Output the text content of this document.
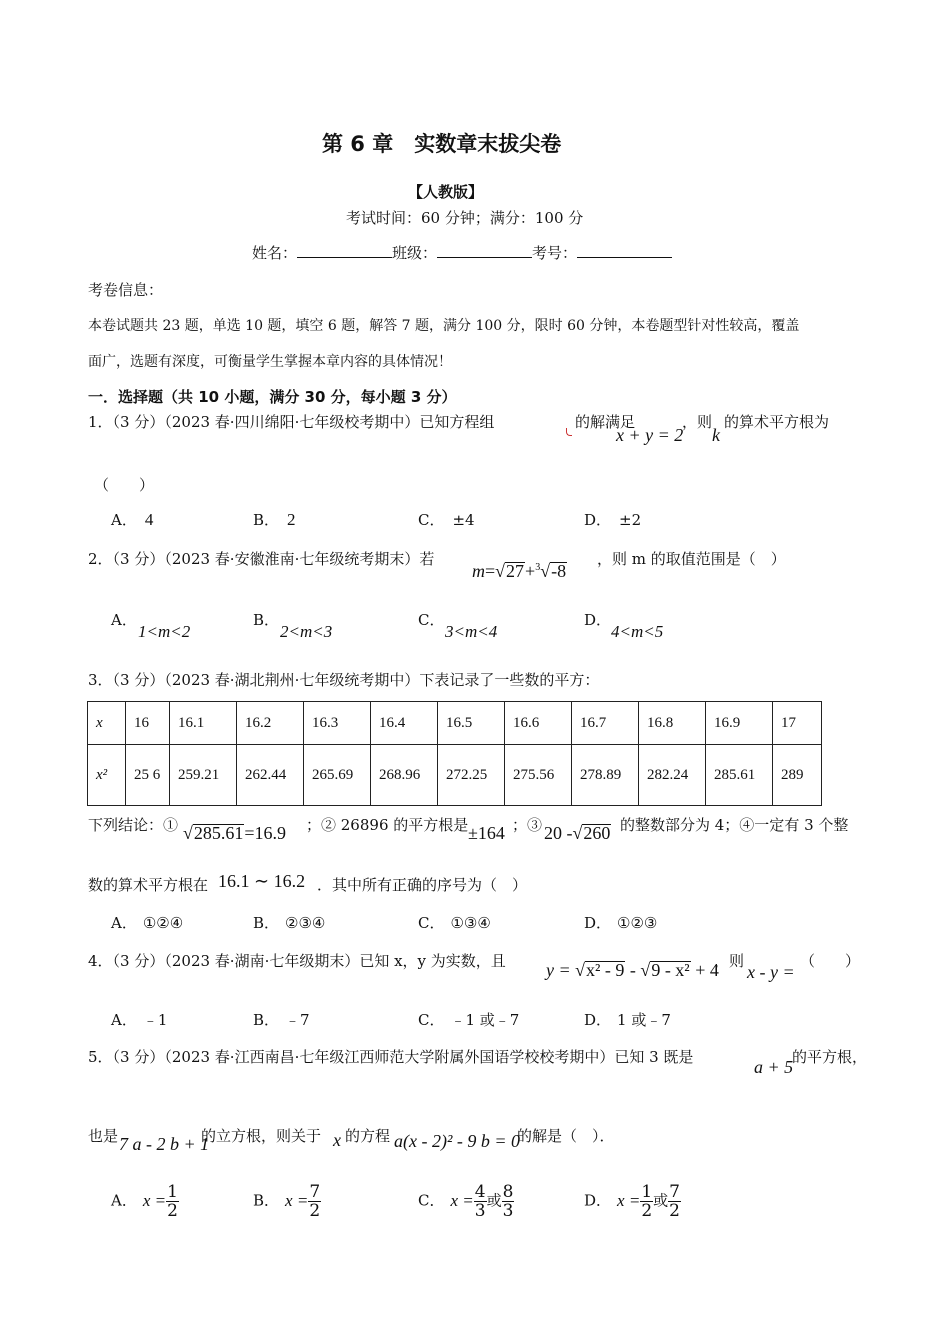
第 6 章　实数章末拔尖卷
【人教版】
考试时间：60 分钟；满分：100 分
姓名：	班级：	考号：
考卷信息：
本卷试题共 23 题，单选 10 题，填空 6 题，解答 7 题，满分 100 分，限时 60 分钟，本卷题型针对性较高，覆盖
面广，选题有深度，可衡量学生掌握本章内容的具体情况！
一．选择题（共 10 小题，满分 30 分，每小题 3 分）
1．（3 分）（2023 春·四川绵阳·七年级校考期中）已知方程组	的解满足
x + y = 2
，则
k
的算术平方根为
（　　）
A． 4	B． 2	C． ±4	D． ±2
2．（3 分）（2023 春·安徽淮南·七年级统考期末）若
m=√27+$^3$√-8
，则 m 的取值范围是（　）
A．
1<m<2
B．
2<m<3
C．
3<m<4
D．
4<m<5
3．（3 分）（2023 春·湖北荆州·七年级统考期中）下表记录了一些数的平方：
x	16	16.1	16.2	16.3	16.4	16.5	16.6	16.7	16.8	16.9	17
x²	25 6	259.21	262.44	265.69	268.96	272.25	275.56	278.89	282.24	285.61	289
下列结论：① √285.61=16.9 ；② 26896 的平方根是 ±164 ；③ 20 -√260 的整数部分为 4；④一定有 3 个整
数的算术平方根在 16.1 ∼ 16.2 ．其中所有正确的序号为（　）
A． ①②④	B． ②③④	C． ①③④	D． ①②③
4．（3 分）（2023 春·湖南·七年级期末）已知 x，y 为实数，且 y = √x² - 9 - √9 - x² + 4
，则
x - y =
（　　）
A． ﹣1	B． ﹣7	C． ﹣1 或﹣7	D． 1 或﹣7
5．（3 分）（2023 春·江西南昌·七年级江西师范大学附属外国语学校校考期中）已知 3 既是	a + 5
的平方根，
也是 7 a - 2 b + 1
的立方根，则关于 x 的方程 a(x - 2)² - 9 b = 0
的解是（　）．
A． $x = \frac{1}{2}$	B． $x = \frac{7}{2}$	C． $x = \frac{4}{3}$ 或 $\frac{8}{3}$	D． $x = \frac{1}{2}$ 或 $\frac{7}{2}$
